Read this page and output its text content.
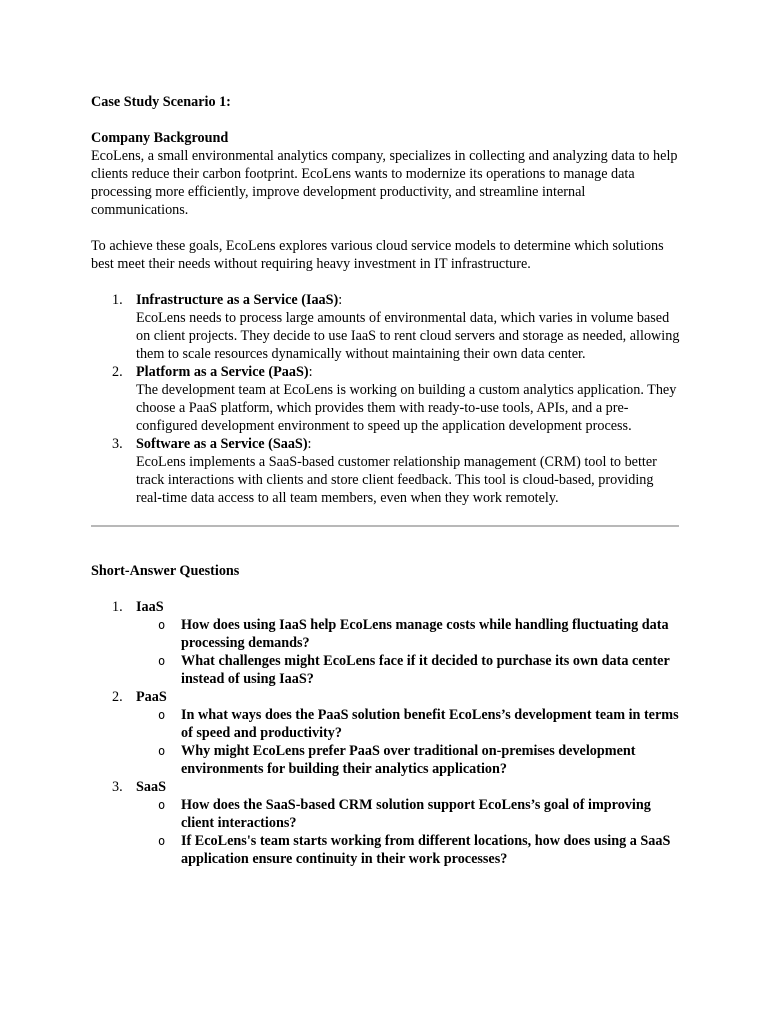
Case Study Scenario 1:

Company Background

EcoLens, a small environmental analytics company, specializes in collecting and analyzing data to help clients reduce their carbon footprint. EcoLens wants to modernize its operations to manage data processing more efficiently, improve development productivity, and streamline internal communications.

To achieve these goals, EcoLens explores various cloud service models to determine which solutions best meet their needs without requiring heavy investment in IT infrastructure.

1. Infrastructure as a Service (IaaS):
EcoLens needs to process large amounts of environmental data, which varies in volume based on client projects. They decide to use IaaS to rent cloud servers and storage as needed, allowing them to scale resources dynamically without maintaining their own data center.
2. Platform as a Service (PaaS):
The development team at EcoLens is working on building a custom analytics application. They choose a PaaS platform, which provides them with ready-to-use tools, APIs, and a pre-configured development environment to speed up the application development process.
3. Software as a Service (SaaS):
EcoLens implements a SaaS-based customer relationship management (CRM) tool to better track interactions with clients and store client feedback. This tool is cloud-based, providing real-time data access to all team members, even when they work remotely.

Short-Answer Questions

1. IaaS
o How does using IaaS help EcoLens manage costs while handling fluctuating data processing demands?
o What challenges might EcoLens face if it decided to purchase its own data center instead of using IaaS?
2. PaaS
o In what ways does the PaaS solution benefit EcoLens’s development team in terms of speed and productivity?
o Why might EcoLens prefer PaaS over traditional on-premises development environments for building their analytics application?
3. SaaS
o How does the SaaS-based CRM solution support EcoLens’s goal of improving client interactions?
o If EcoLens's team starts working from different locations, how does using a SaaS application ensure continuity in their work processes?
